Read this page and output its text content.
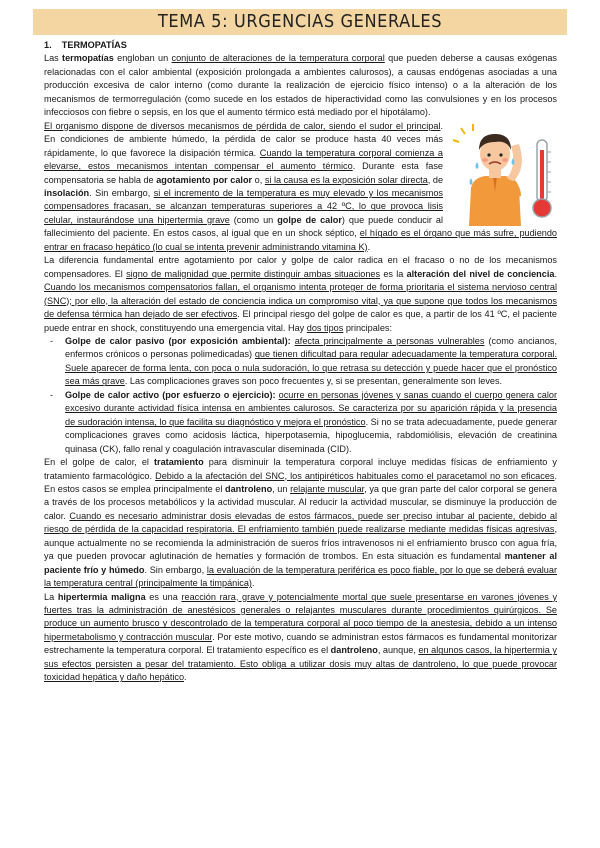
TEMA 5: URGENCIAS GENERALES

1. TERMOPATÍAS

Las termopatías engloban un conjunto de alteraciones de la temperatura corporal que pueden deberse a causas exógenas relacionadas con el calor ambiental (exposición prolongada a ambientes calurosos), a causas endógenas asociadas a una producción excesiva de calor interno (como durante la realización de ejercicio físico intenso) o a la alteración de los mecanismos de termorregulación (como sucede en los estados de hiperactividad como las convulsiones y en los procesos infecciosos con fiebre o sepsis, en los que el aumento térmico está mediado por el hipotálamo).

El organismo dispone de diversos mecanismos de pérdida de calor, siendo el sudor el principal. En condiciones de ambiente húmedo, la pérdida de calor se produce hasta 40 veces más rápidamente, lo que favorece la disipación térmica. Cuando la temperatura corporal comienza a elevarse, estos mecanismos intentan compensar el aumento térmico. Durante esta fase compensatoria se habla de agotamiento por calor o, si la causa es la exposición solar directa, de insolación. Sin embargo, si el incremento de la temperatura es muy elevado y los mecanismos compensadores fracasan, se alcanzan temperaturas superiores a 42 ºC, lo que provoca lisis celular, instaurándose una hipertermia grave (como un golpe de calor) que puede conducir al fallecimiento del paciente. En estos casos, al igual que en un shock séptico, el hígado es el órgano que más sufre, pudiendo entrar en fracaso hepático (lo cual se intenta prevenir administrando vitamina K).

La diferencia fundamental entre agotamiento por calor y golpe de calor radica en el fracaso o no de los mecanismos compensadores. El signo de malignidad que permite distinguir ambas situaciones es la alteración del nivel de conciencia. Cuando los mecanismos compensatorios fallan, el organismo intenta proteger de forma prioritaria el sistema nervioso central (SNC); por ello, la alteración del estado de conciencia indica un compromiso vital, ya que supone que todos los mecanismos de defensa térmica han dejado de ser efectivos. El principal riesgo del golpe de calor es que, a partir de los 41 ºC, el paciente puede entrar en shock, constituyendo una emergencia vital. Hay dos tipos principales:

- Golpe de calor pasivo (por exposición ambiental): afecta principalmente a personas vulnerables (como ancianos, enfermos crónicos o personas polimedicadas) que tienen dificultad para regular adecuadamente la temperatura corporal. Suele aparecer de forma lenta, con poca o nula sudoración, lo que retrasa su detección y puede hacer que el pronóstico sea más grave. Las complicaciones graves son poco frecuentes y, si se presentan, generalmente son leves.
- Golpe de calor activo (por esfuerzo o ejercicio): ocurre en personas jóvenes y sanas cuando el cuerpo genera calor excesivo durante actividad física intensa en ambientes calurosos. Se caracteriza por su aparición rápida y la presencia de sudoración intensa, lo que facilita su diagnóstico y mejora el pronóstico. Si no se trata adecuadamente, puede generar complicaciones graves como acidosis láctica, hiperpotasemia, hipoglucemia, rabdomiólisis, elevación de creatinina quinasa (CK), fallo renal y coagulación intravascular diseminada (CID).

En el golpe de calor, el tratamiento para disminuir la temperatura corporal incluye medidas físicas de enfriamiento y tratamiento farmacológico. Debido a la afectación del SNC, los antipiréticos habituales como el paracetamol no son eficaces. En estos casos se emplea principalmente el dantroleno, un relajante muscular, ya que gran parte del calor corporal se genera a través de los procesos metabólicos y la actividad muscular. Al reducir la actividad muscular, se disminuye la producción de calor. Cuando es necesario administrar dosis elevadas de estos fármacos, puede ser preciso intubar al paciente, debido al riesgo de pérdida de la capacidad respiratoria. El enfriamiento también puede realizarse mediante medidas físicas agresivas, aunque actualmente no se recomienda la administración de sueros fríos intravenosos ni el enfriamiento brusco con agua fría, ya que pueden provocar aglutinación de hematíes y formación de trombos. En esta situación es fundamental mantener al paciente frío y húmedo. Sin embargo, la evaluación de la temperatura periférica es poco fiable, por lo que se deberá evaluar la temperatura central (principalmente la timpánica).

La hipertermia maligna es una reacción rara, grave y potencialmente mortal que suele presentarse en varones jóvenes y fuertes tras la administración de anestésicos generales o relajantes musculares durante procedimientos quirúrgicos. Se produce un aumento brusco y descontrolado de la temperatura corporal al poco tiempo de la anestesia, debido a un intenso hipermetabolismo y contracción muscular. Por este motivo, cuando se administran estos fármacos es fundamental monitorizar estrechamente la temperatura corporal. El tratamiento específico es el dantroleno, aunque, en algunos casos, la hipertermia y sus efectos persisten a pesar del tratamiento. Esto obliga a utilizar dosis muy altas de dantroleno, lo que puede provocar toxicidad hepática y daño hepático.
